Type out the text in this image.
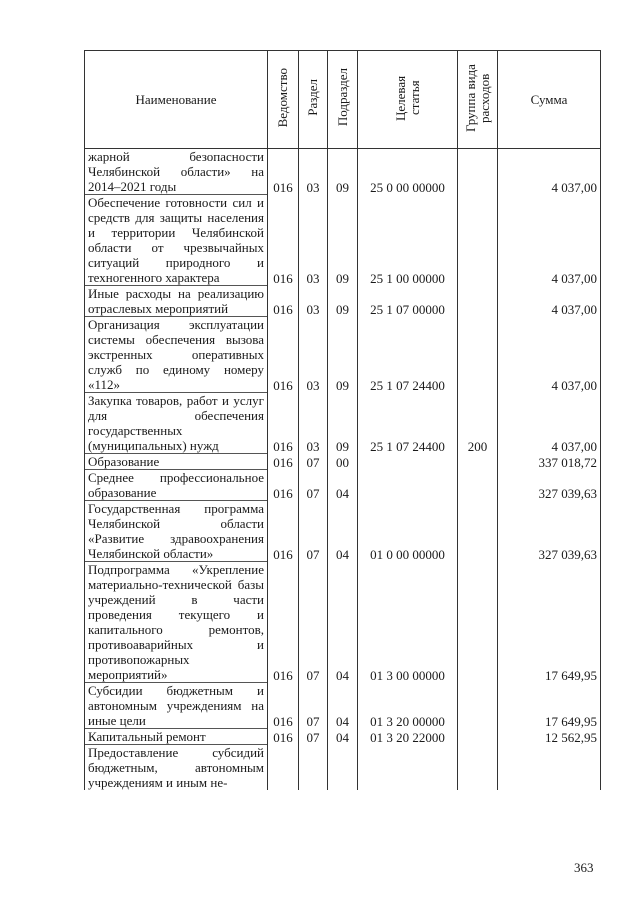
Наименование	Ведомство	Раздел	Подраздел	Целевая статья	Группа вида расходов	Сумма
жарной безопасности Челябинской области» на 2014–2021 годы	016	03	09	25 0 00 00000		4 037,00
Обеспечение готовности сил и средств для защиты населения и территории Челябинской области от чрезвычайных ситуаций природного и техногенного характера	016	03	09	25 1 00 00000		4 037,00
Иные расходы на реализацию отраслевых мероприятий	016	03	09	25 1 07 00000		4 037,00
Организация эксплуатации системы обеспечения вызова экстренных оперативных служб по единому номеру «112»	016	03	09	25 1 07 24400		4 037,00
Закупка товаров, работ и услуг для обеспечения государственных (муниципальных) нужд	016	03	09	25 1 07 24400	200	4 037,00
Образование	016	07	00			337 018,72
Среднее профессиональное образование	016	07	04			327 039,63
Государственная программа Челябинской области «Развитие здравоохранения Челябинской области»	016	07	04	01 0 00 00000		327 039,63
Подпрограмма «Укрепление материально-технической базы учреждений в части проведения текущего и капитального ремонтов, противоаварийных и противопожарных мероприятий»	016	07	04	01 3 00 00000		17 649,95
Субсидии бюджетным и автономным учреждениям на иные цели	016	07	04	01 3 20 00000		17 649,95
Капитальный ремонт	016	07	04	01 3 20 22000		12 562,95
Предоставление субсидий бюджетным, автономным учреждениям и иным не-						
363
